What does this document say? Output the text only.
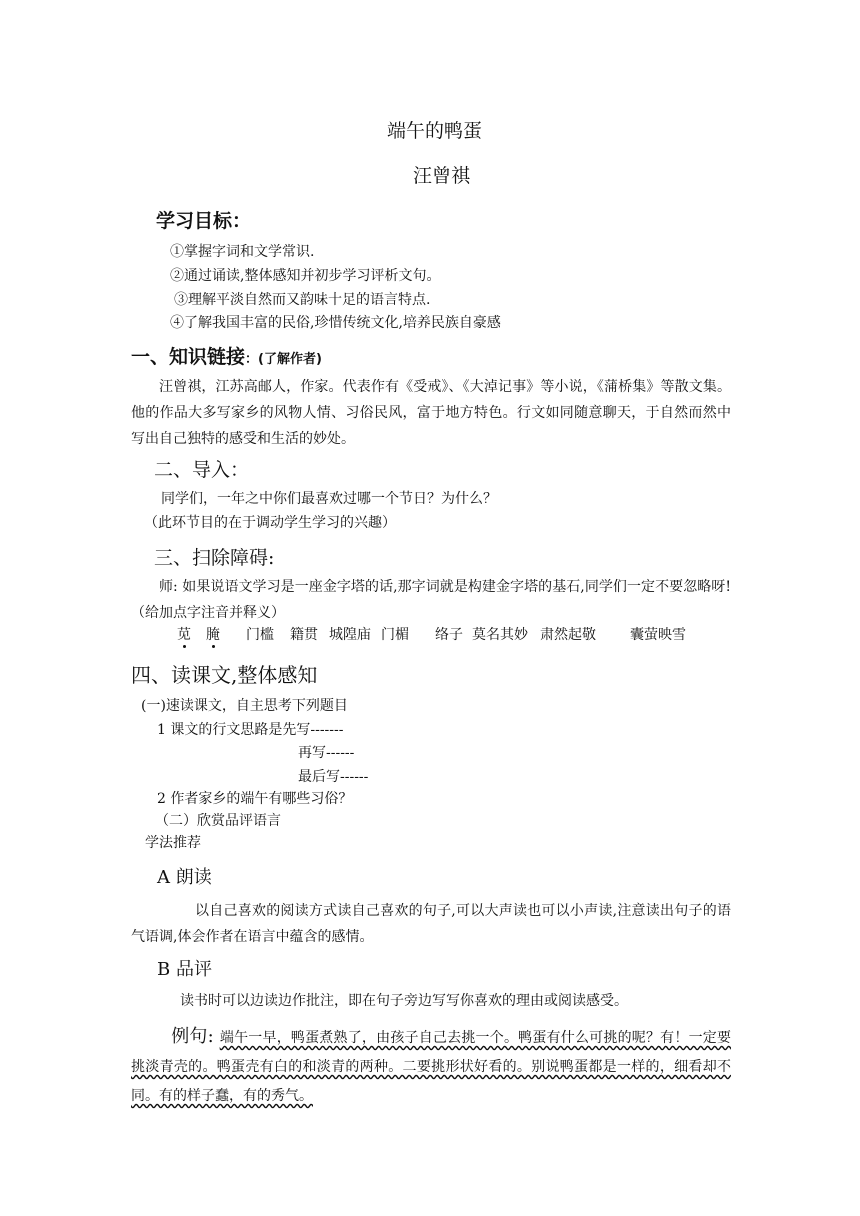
端午的鸭蛋
汪曾祺
学习目标：
①掌握字词和文学常识.
②通过诵读,整体感知并初步学习评析文句。
③理解平淡自然而又韵味十足的语言特点.
④了解我国丰富的民俗,珍惜传统文化,培养民族自豪感
一、知识链接：(了解作者)
汪曾祺，江苏高邮人，作家。代表作有《受戒》、《大淖记事》等小说，《蒲桥集》等散文集。他的作品大多写家乡的风物人情、习俗民风，富于地方特色。行文如同随意聊天，于自然而然中写出自己独特的感受和生活的妙处。
二、导入：
同学们，一年之中你们最喜欢过哪一个节日？为什么？
（此环节目的在于调动学生学习的兴趣）
三、扫除障碍:
师: 如果说语文学习是一座金字塔的话,那字词就是构建金字塔的基石,同学们一定不要忽略呀!（给加点字注音并释义）
苋 腌 门槛 籍贯 城隍庙 门楣 络子 莫名其妙 肃然起敬 囊萤映雪
四、读课文,整体感知
(一)速读课文，自主思考下列题目
1 课文的行文思路是先写-------
再写------
最后写------
2 作者家乡的端午有哪些习俗？
（二）欣赏品评语言
学法推荐
A 朗读
以自己喜欢的阅读方式读自己喜欢的句子,可以大声读也可以小声读,注意读出句子的语气语调,体会作者在语言中蕴含的感情。
B 品评
读书时可以边读边作批注，即在句子旁边写写你喜欢的理由或阅读感受。
例句: 端午一早，鸭蛋煮熟了，由孩子自己去挑一个。鸭蛋有什么可挑的呢？有！一定要挑淡青壳的。鸭蛋壳有白的和淡青的两种。二要挑形状好看的。别说鸭蛋都是一样的，细看却不同。有的样子蠢，有的秀气。
